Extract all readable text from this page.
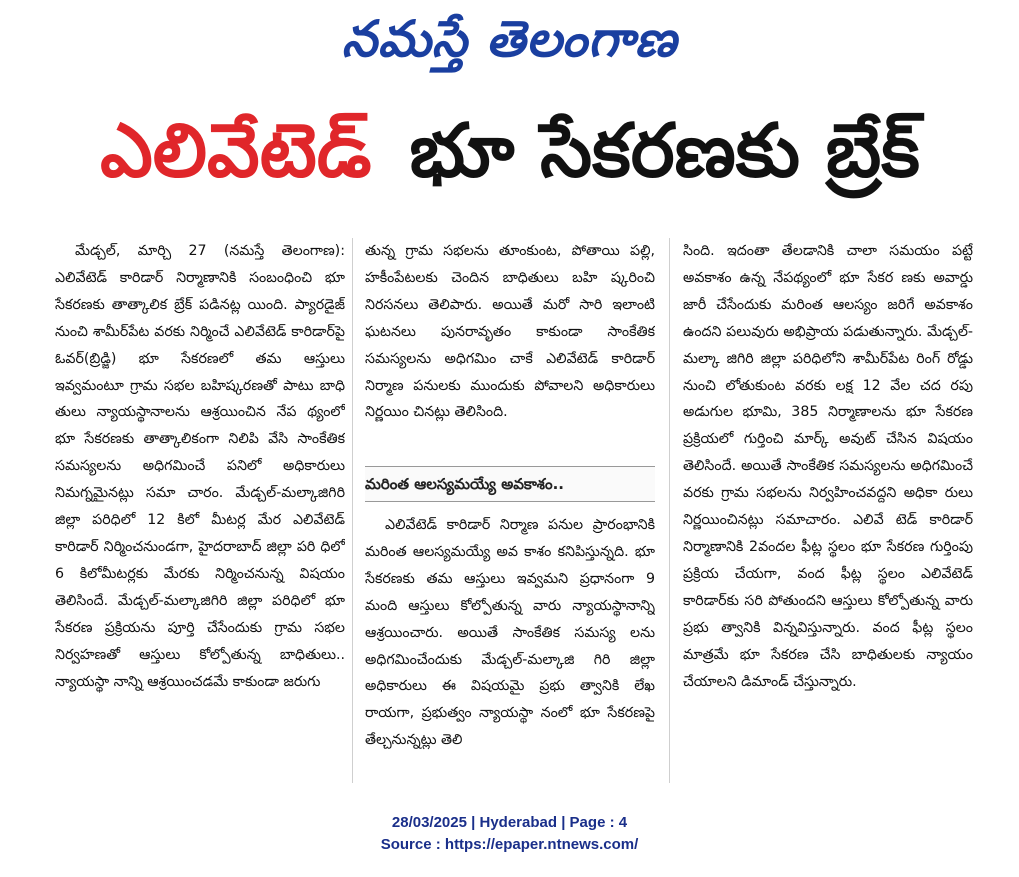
నమస్తే తెలంగాణ
ఎలివేటెడ్ భూ సేకరణకు బ్రేక్

మేడ్చల్, మార్చి 27 (నమస్తే తెలంగాణ): ఎలివేటెడ్ కారిడార్ నిర్మాణానికి సంబంధించి భూ సేకరణకు తాత్కాలిక బ్రేక్ పడినట్ల యింది. ప్యారడైజ్ నుంచి శామీర్‌పేట వరకు నిర్మించే ఎలివేటెడ్ కారిడార్‌పై ఓవర్(బ్రిడ్జి) భూ సేకరణలో తమ ఆస్తులు ఇవ్వమంటూ గ్రామ సభల బహిష్కరణతో పాటు బాధి తులు న్యాయస్థానాలను ఆశ్రయించిన నేప థ్యంలో భూ సేకరణకు తాత్కాలికంగా నిలిపి వేసి సాంకేతిక సమస్యలను అధిగమించే పనిలో అధికారులు నిమగ్నమైనట్లు సమా చారం. మేడ్చల్-మల్కాజిగిరి జిల్లా పరిధిలో 12 కిలో మీటర్ల మేర ఎలివేటెడ్ కారిడార్ నిర్మించనుండగా, హైదరాబాద్ జిల్లా పరి ధిలో 6 కిలోమీటర్లకు మేరకు నిర్మించనున్న విషయం తెలిసిందే. మేడ్చల్-మల్కాజిగిరి జిల్లా పరిధిలో భూ సేకరణ ప్రక్రియను పూర్తి చేసేందుకు గ్రామ సభల నిర్వహణతో ఆస్తులు కోల్పోతున్న బాధితులు.. న్యాయస్థా నాన్ని ఆశ్రయించడమే కాకుండా జరుగు

తున్న గ్రామ సభలను తూంకుంట, పోతాయి పల్లి, హకీంపేటలకు చెందిన బాధితులు బహి ష్కరించి నిరసనలు తెలిపారు. అయితే మరో సారి ఇలాంటి ఘటనలు పునరావృతం కాకుండా సాంకేతిక సమస్యలను అధిగమిం చాకే ఎలివేటెడ్ కారిడార్ నిర్మాణ పనులకు ముందుకు పోవాలని అధికారులు నిర్ణయిం చినట్లు తెలిసింది.

మరింత ఆలస్యమయ్యే అవకాశం..

ఎలివేటెడ్ కారిడార్ నిర్మాణ పనుల ప్రారంభానికి మరింత ఆలస్యమయ్యే అవ కాశం కనిపిస్తున్నది. భూ సేకరణకు తమ ఆస్తులు ఇవ్వమని ప్రధానంగా 9 మంది ఆస్తులు కోల్పోతున్న వారు న్యాయస్థానాన్ని ఆశ్రయించారు. అయితే సాంకేతిక సమస్య లను అధిగమించేందుకు మేడ్చల్-మల్కాజి గిరి జిల్లా అధికారులు ఈ విషయమై ప్రభు త్వానికి లేఖ రాయగా, ప్రభుత్వం న్యాయస్థా నంలో భూ సేకరణపై తేల్చనున్నట్లు తెలి

సింది. ఇదంతా తేలడానికి చాలా సమయం పట్టే అవకాశం ఉన్న నేపథ్యంలో భూ సేకర ణకు అవార్డు జారీ చేసేందుకు మరింత ఆలస్యం జరిగే అవకాశం ఉందని పలువురు అభిప్రాయ పడుతున్నారు. మేడ్చల్-మల్కా జిగిరి జిల్లా పరిధిలోని శామీర్‌పేట రింగ్ రోడ్డు నుంచి లోతుకుంట వరకు లక్ష 12 వేల చద రపు అడుగుల భూమి, 385 నిర్మాణాలను భూ సేకరణ ప్రక్రియలో గుర్తించి మార్క్ అవుట్ చేసిన విషయం తెలిసిందే. అయితే సాంకేతిక సమస్యలను అధిగమించే వరకు గ్రామ సభలను నిర్వహించవద్దని అధికా రులు నిర్ణయించినట్లు సమాచారం. ఎలివే టెడ్ కారిడార్ నిర్మాణానికి 2వందల ఫీట్ల స్థలం భూ సేకరణ గుర్తింపు ప్రక్రియ చేయగా, వంద ఫీట్ల స్థలం ఎలివేటెడ్ కారిడార్‌కు సరి పోతుందని ఆస్తులు కోల్పోతున్న వారు ప్రభు త్వానికి విన్నవిస్తున్నారు. వంద ఫీట్ల స్థలం మాత్రమే భూ సేకరణ చేసి బాధితులకు న్యాయం చేయాలని డిమాండ్ చేస్తున్నారు.

28/03/2025 | Hyderabad | Page : 4
Source : https://epaper.ntnews.com/
